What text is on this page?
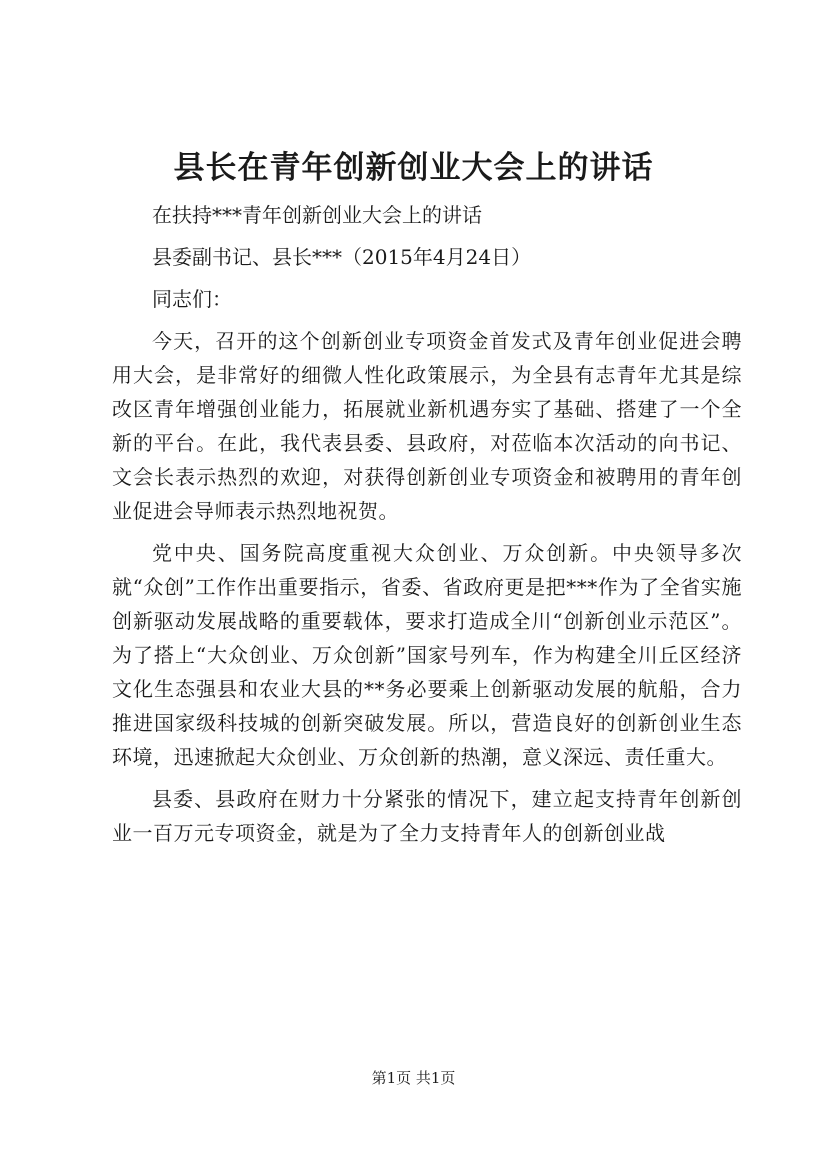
县长在青年创新创业大会上的讲话

在扶持***青年创新创业大会上的讲话

县委副书记、县长***（2015年4月24日）

同志们：

今天，召开的这个创新创业专项资金首发式及青年创业促进会聘用大会，是非常好的细微人性化政策展示，为全县有志青年尤其是综改区青年增强创业能力，拓展就业新机遇夯实了基础、搭建了一个全新的平台。在此，我代表县委、县政府，对莅临本次活动的向书记、文会长表示热烈的欢迎，对获得创新创业专项资金和被聘用的青年创业促进会导师表示热烈地祝贺。

党中央、国务院高度重视大众创业、万众创新。中央领导多次就“众创”工作作出重要指示，省委、省政府更是把***作为了全省实施创新驱动发展战略的重要载体，要求打造成全川“创新创业示范区”。为了搭上“大众创业、万众创新”国家号列车，作为构建全川丘区经济文化生态强县和农业大县的**务必要乘上创新驱动发展的航船，合力推进国家级科技城的创新突破发展。所以，营造良好的创新创业生态环境，迅速掀起大众创业、万众创新的热潮，意义深远、责任重大。

县委、县政府在财力十分紧张的情况下，建立起支持青年创新创业一百万元专项资金，就是为了全力支持青年人的创新创业战

第1页 共1页
